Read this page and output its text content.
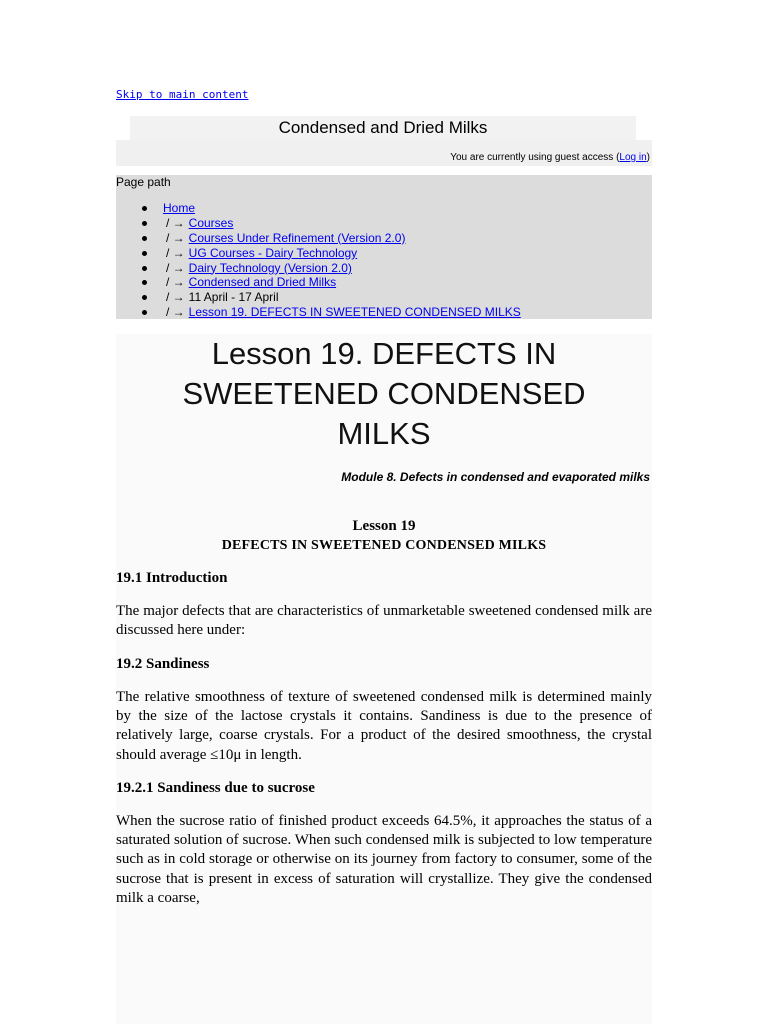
Skip to main content
Condensed and Dried Milks
You are currently using guest access (Log in)
Page path
Home
/ → Courses
/ → Courses Under Refinement (Version 2.0)
/ → UG Courses - Dairy Technology
/ → Dairy Technology (Version 2.0)
/ → Condensed and Dried Milks
/ → 11 April - 17 April
/ → Lesson 19. DEFECTS IN SWEETENED CONDENSED MILKS
Lesson 19. DEFECTS IN
SWEETENED CONDENSED
MILKS
Module 8. Defects in condensed and evaporated milks
Lesson 19
DEFECTS IN SWEETENED CONDENSED MILKS
19.1 Introduction

The major defects that are characteristics of unmarketable sweetened condensed milk are discussed here under:

19.2 Sandiness

The relative smoothness of texture of sweetened condensed milk is determined mainly by the size of the lactose crystals it contains. Sandiness is due to the presence of relatively large, coarse crystals. For a product of the desired smoothness, the crystal should average ≤10μ in length.

19.2.1 Sandiness due to sucrose

When the sucrose ratio of finished product exceeds 64.5%, it approaches the status of a saturated solution of sucrose. When such condensed milk is subjected to low temperature such as in cold storage or otherwise on its journey from factory to consumer, some of the sucrose that is present in excess of saturation will crystallize. They give the condensed milk a coarse,
